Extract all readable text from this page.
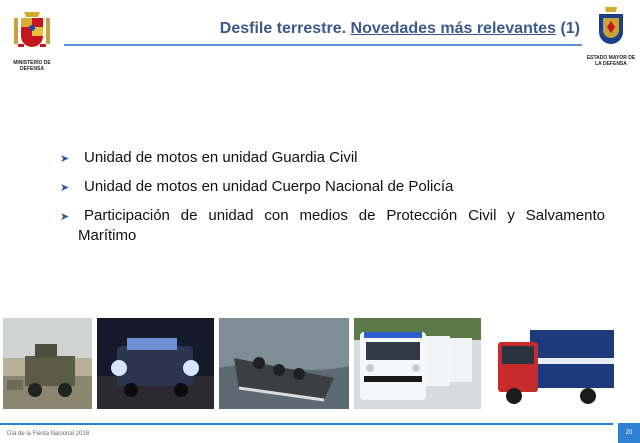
MINISTERIO DE DEFENSA
Desfile terrestre. Novedades más relevantes (1)
ESTADO MAYOR DE LA DEFENSA
➤ Unidad de motos en unidad Guardia Civil
➤ Unidad de motos en unidad Cuerpo Nacional de Policía
➤ Participación de unidad con medios de Protección Civil y Salvamento Marítimo
Día de la Fiesta Nacional 2018	20
